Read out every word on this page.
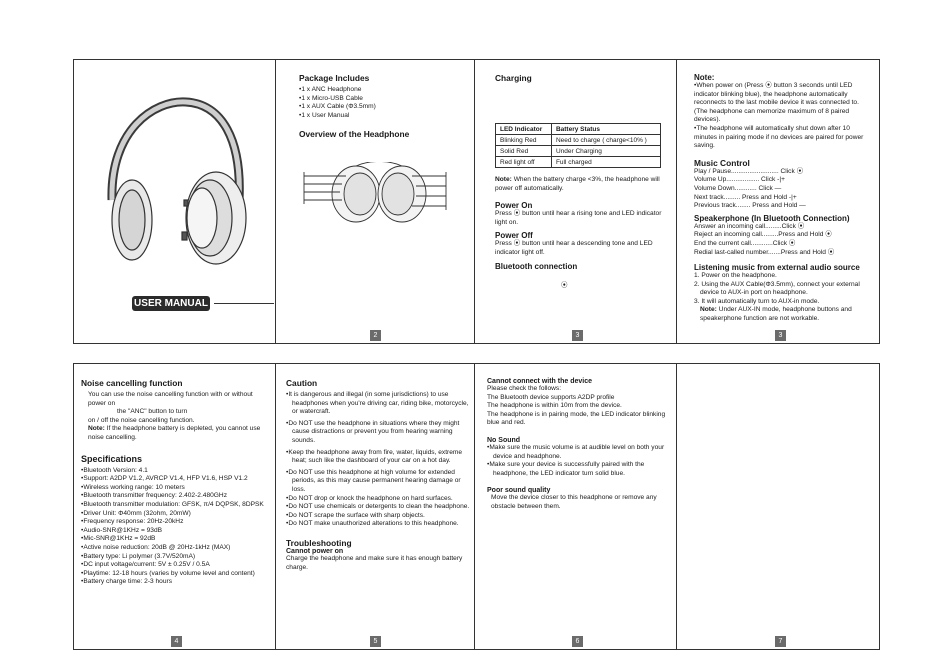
USER MANUAL
Package Includes
• 1 x ANC Headphone
• 1 x Micro-USB Cable
• 1 x AUX Cable (Φ3.5mm)
• 1 x User Manual
Overview of the Headphone
2
Charging
LED Indicator	Battery Status
Blinking Red	Need to charge ( charge<10% )
Solid Red	Under Charging
Red light off	Full charged
Note: When the battery charge <3%, the headphone will power off automatically.
Power On
Press ⦿ button until hear a rising tone and LED indicator light on.
Power Off
Press ⦿ button until hear a descending tone and LED indicator light off.
Bluetooth connection
⦿
3
Note:
• When power on (Press ⦿ button 3 seconds until LED indicator blinking blue), the headphone automatically reconnects to the last mobile device it was connected to. (The headphone can memorize maximum of 8 paired devices).
• The headphone will automatically shut down after 10 minutes in pairing mode if no devices are paired for power saving.
Music Control
Play / Pause.......................... Click ⦿
Volume Up.................. Click -|+
Volume Down............ Click —
Next track......... Press and Hold -|+
Previous track........ Press and Hold —
Speakerphone (In Bluetooth Connection)
Answer an incoming call.........Click ⦿
Reject an incoming call.........Press and Hold ⦿
End the current call............Click ⦿
Redial last-called number.......Press and Hold ⦿
Listening music from external audio source
1. Power on the headphone.
2. Using the AUX Cable(Φ3.5mm), connect your external device to AUX-in port on headphone.
3. It will automatically turn to AUX-in mode.
Note: Under AUX-IN mode, headphone buttons and speakerphone function are not workable.
3
Noise cancelling function
You can use the noise cancelling function with or without power on
the "ANC" button to turn
on / off the noise cancelling function.
Note: If the headphone battery is depleted, you cannot use noise cancelling.
Specifications
• Bluetooth Version: 4.1
• Support: A2DP V1.2, AVRCP V1.4, HFP V1.6, HSP V1.2
• Wireless working range: 10 meters
• Bluetooth transmitter frequency: 2.402-2.480GHz
• Bluetooth transmitter modulation: GFSK, π/4 DQPSK, 8DPSK
• Driver Unit: Φ40mm (32ohm, 20mW)
• Frequency response: 20Hz-20kHz
• Audio-SNR@1KHz = 93dB
• Mic-SNR@1KHz = 92dB
• Active noise reduction: 20dB @ 20Hz-1kHz (MAX)
• Battery type: Li polymer (3.7V/520mA)
• DC input voltage/current: 5V ± 0.25V / 0.5A
• Playtime: 12-18 hours (varies by volume level and content)
• Battery charge time: 2-3 hours
4
Caution
• It is dangerous and illegal (in some jurisdictions) to use headphones when you're driving car, riding bike, motorcycle, or watercraft.
• Do NOT use the headphone in situations where they might cause distractions or prevent you from hearing warning sounds.
• Keep the headphone away from fire, water, liquids, extreme heat; such like the dashboard of your car on a hot day.
• Do NOT use this headphone at high volume for extended periods, as this may cause permanent hearing damage or loss.
• Do NOT drop or knock the headphone on hard surfaces.
• Do NOT use chemicals or detergents to clean the headphone.
• Do NOT scrape the surface with sharp objects.
• Do NOT make unauthorized alterations to this headphone.
Troubleshooting
Cannot power on
Charge the headphone and make sure it has enough battery charge.
5
Cannot connect with the device
Please check the follows:
The Bluetooth device supports A2DP profile
The headphone is within 10m from the device.
The headphone is in pairing mode, the LED indicator blinking blue and red.
No Sound
• Make sure the music volume is at audible level on both your device and headphone.
• Make sure your device is successfully paired with the headphone, the LED indicator turn solid blue.
Poor sound quality
Move the device closer to this headphone or remove any obstacle between them.
6	7
